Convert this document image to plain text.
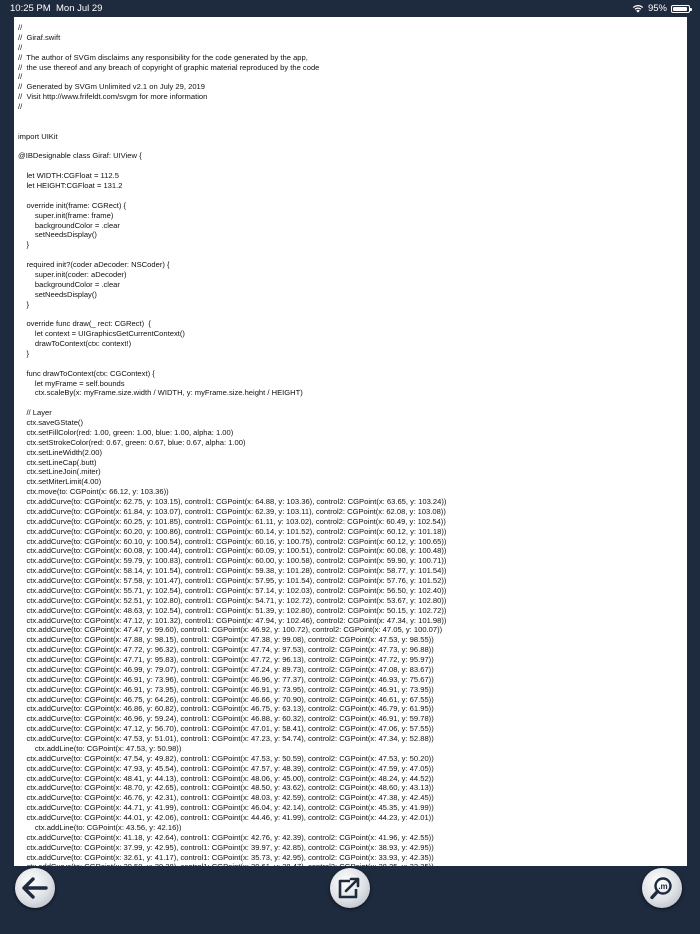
10:25 PM Mon Jul 29	95%
//
//  Giraf.swift
//
//  The author of SVGm disclaims any responsibility for the code generated by the app,
//  the use thereof and any breach of copyright of graphic material reproduced by the code
//
//  Generated by SVGm Unlimited v2.1 on July 29, 2019
//  Visit http://www.frifeldt.com/svgm for more information
//

import UIKit

@IBDesignable class Giraf: UIView {

let WIDTH:CGFloat = 112.5
let HEIGHT:CGFloat = 131.2

override init(frame: CGRect) {
super.init(frame: frame)
backgroundColor = .clear
setNeedsDisplay()
}

required init?(coder aDecoder: NSCoder) {
super.init(coder: aDecoder)
backgroundColor = .clear
setNeedsDisplay()
}

override func draw(_ rect: CGRect)  {
let context = UIGraphicsGetCurrentContext()
drawToContext(ctx: context!)
}

func drawToContext(ctx: CGContext) {
let myFrame = self.bounds
ctx.scaleBy(x: myFrame.size.width / WIDTH, y: myFrame.size.height / HEIGHT)

// Layer
ctx.saveGState()
ctx.setFillColor(red: 1.00, green: 1.00, blue: 1.00, alpha: 1.00)
ctx.setStrokeColor(red: 0.67, green: 0.67, blue: 0.67, alpha: 1.00)
ctx.setLineWidth(2.00)
ctx.setLineCap(.butt)
ctx.setLineJoin(.miter)
ctx.setMiterLimit(4.00)
ctx.move(to: CGPoint(x: 66.12, y: 103.36))
ctx.addCurve(to: CGPoint(x: 62.75, y: 103.15), control1: CGPoint(x: 64.88, y: 103.36), control2: CGPoint(x: 63.65, y: 103.24))
ctx.addCurve(to: CGPoint(x: 61.84, y: 103.07), control1: CGPoint(x: 62.39, y: 103.11), control2: CGPoint(x: 62.08, y: 103.08))
ctx.addCurve(to: CGPoint(x: 60.25, y: 101.85), control1: CGPoint(x: 61.11, y: 103.02), control2: CGPoint(x: 60.49, y: 102.54))
ctx.addCurve(to: CGPoint(x: 60.20, y: 100.86), control1: CGPoint(x: 60.14, y: 101.52), control2: CGPoint(x: 60.12, y: 101.18))
ctx.addCurve(to: CGPoint(x: 60.10, y: 100.54), control1: CGPoint(x: 60.16, y: 100.75), control2: CGPoint(x: 60.12, y: 100.65))
ctx.addCurve(to: CGPoint(x: 60.08, y: 100.44), control1: CGPoint(x: 60.09, y: 100.51), control2: CGPoint(x: 60.08, y: 100.48))
ctx.addCurve(to: CGPoint(x: 59.79, y: 100.83), control1: CGPoint(x: 60.00, y: 100.58), control2: CGPoint(x: 59.90, y: 100.71))
ctx.addCurve(to: CGPoint(x: 58.14, y: 101.54), control1: CGPoint(x: 59.38, y: 101.28), control2: CGPoint(x: 58.77, y: 101.54))
ctx.addCurve(to: CGPoint(x: 57.58, y: 101.47), control1: CGPoint(x: 57.95, y: 101.54), control2: CGPoint(x: 57.76, y: 101.52))
ctx.addCurve(to: CGPoint(x: 55.71, y: 102.54), control1: CGPoint(x: 57.14, y: 102.03), control2: CGPoint(x: 56.50, y: 102.40))
ctx.addCurve(to: CGPoint(x: 52.51, y: 102.80), control1: CGPoint(x: 54.71, y: 102.72), control2: CGPoint(x: 53.67, y: 102.80))
ctx.addCurve(to: CGPoint(x: 48.63, y: 102.54), control1: CGPoint(x: 51.39, y: 102.80), control2: CGPoint(x: 50.15, y: 102.72))
ctx.addCurve(to: CGPoint(x: 47.12, y: 101.32), control1: CGPoint(x: 47.94, y: 102.46), control2: CGPoint(x: 47.34, y: 101.98))
ctx.addCurve(to: CGPoint(x: 47.47, y: 99.60), control1: CGPoint(x: 46.92, y: 100.72), control2: CGPoint(x: 47.05, y: 100.07))
ctx.addCurve(to: CGPoint(x: 47.88, y: 98.15), control1: CGPoint(x: 47.38, y: 99.08), control2: CGPoint(x: 47.53, y: 98.55))
ctx.addCurve(to: CGPoint(x: 47.72, y: 96.32), control1: CGPoint(x: 47.74, y: 97.53), control2: CGPoint(x: 47.73, y: 96.88))
ctx.addCurve(to: CGPoint(x: 47.71, y: 95.83), control1: CGPoint(x: 47.72, y: 96.13), control2: CGPoint(x: 47.72, y: 95.97))
ctx.addCurve(to: CGPoint(x: 46.99, y: 79.07), control1: CGPoint(x: 47.24, y: 89.73), control2: CGPoint(x: 47.08, y: 83.67))
ctx.addCurve(to: CGPoint(x: 46.91, y: 73.96), control1: CGPoint(x: 46.96, y: 77.37), control2: CGPoint(x: 46.93, y: 75.67))
ctx.addCurve(to: CGPoint(x: 46.91, y: 73.95), control1: CGPoint(x: 46.91, y: 73.95), control2: CGPoint(x: 46.91, y: 73.95))
ctx.addCurve(to: CGPoint(x: 46.75, y: 64.26), control1: CGPoint(x: 46.66, y: 70.90), control2: CGPoint(x: 46.61, y: 67.55))
ctx.addCurve(to: CGPoint(x: 46.86, y: 60.82), control1: CGPoint(x: 46.75, y: 63.13), control2: CGPoint(x: 46.79, y: 61.95))
ctx.addCurve(to: CGPoint(x: 46.96, y: 59.24), control1: CGPoint(x: 46.88, y: 60.32), control2: CGPoint(x: 46.91, y: 59.78))
ctx.addCurve(to: CGPoint(x: 47.12, y: 56.70), control1: CGPoint(x: 47.01, y: 58.41), control2: CGPoint(x: 47.06, y: 57.55))
ctx.addCurve(to: CGPoint(x: 47.53, y: 51.01), control1: CGPoint(x: 47.23, y: 54.74), control2: CGPoint(x: 47.34, y: 52.88))
ctx.addLine(to: CGPoint(x: 47.53, y: 50.98))
ctx.addCurve(to: CGPoint(x: 47.54, y: 49.82), control1: CGPoint(x: 47.53, y: 50.59), control2: CGPoint(x: 47.53, y: 50.20))
ctx.addCurve(to: CGPoint(x: 47.93, y: 45.54), control1: CGPoint(x: 47.57, y: 48.39), control2: CGPoint(x: 47.59, y: 47.05))
ctx.addCurve(to: CGPoint(x: 48.41, y: 44.13), control1: CGPoint(x: 48.06, y: 45.00), control2: CGPoint(x: 48.24, y: 44.52))
ctx.addCurve(to: CGPoint(x: 48.70, y: 42.65), control1: CGPoint(x: 48.50, y: 43.62), control2: CGPoint(x: 48.60, y: 43.13))
ctx.addCurve(to: CGPoint(x: 46.76, y: 42.31), control1: CGPoint(x: 48.03, y: 42.59), control2: CGPoint(x: 47.38, y: 42.45))
ctx.addCurve(to: CGPoint(x: 44.71, y: 41.99), control1: CGPoint(x: 46.04, y: 42.14), control2: CGPoint(x: 45.35, y: 41.99))
ctx.addCurve(to: CGPoint(x: 44.01, y: 42.06), control1: CGPoint(x: 44.46, y: 41.99), control2: CGPoint(x: 44.23, y: 42.01))
ctx.addLine(to: CGPoint(x: 43.56, y: 42.16))
ctx.addCurve(to: CGPoint(x: 41.18, y: 42.64), control1: CGPoint(x: 42.76, y: 42.39), control2: CGPoint(x: 41.96, y: 42.55))
ctx.addCurve(to: CGPoint(x: 37.99, y: 42.95), control1: CGPoint(x: 39.97, y: 42.85), control2: CGPoint(x: 38.93, y: 42.95))
ctx.addCurve(to: CGPoint(x: 32.61, y: 41.17), control1: CGPoint(x: 35.73, y: 42.95), control2: CGPoint(x: 33.93, y: 42.35))
.m
